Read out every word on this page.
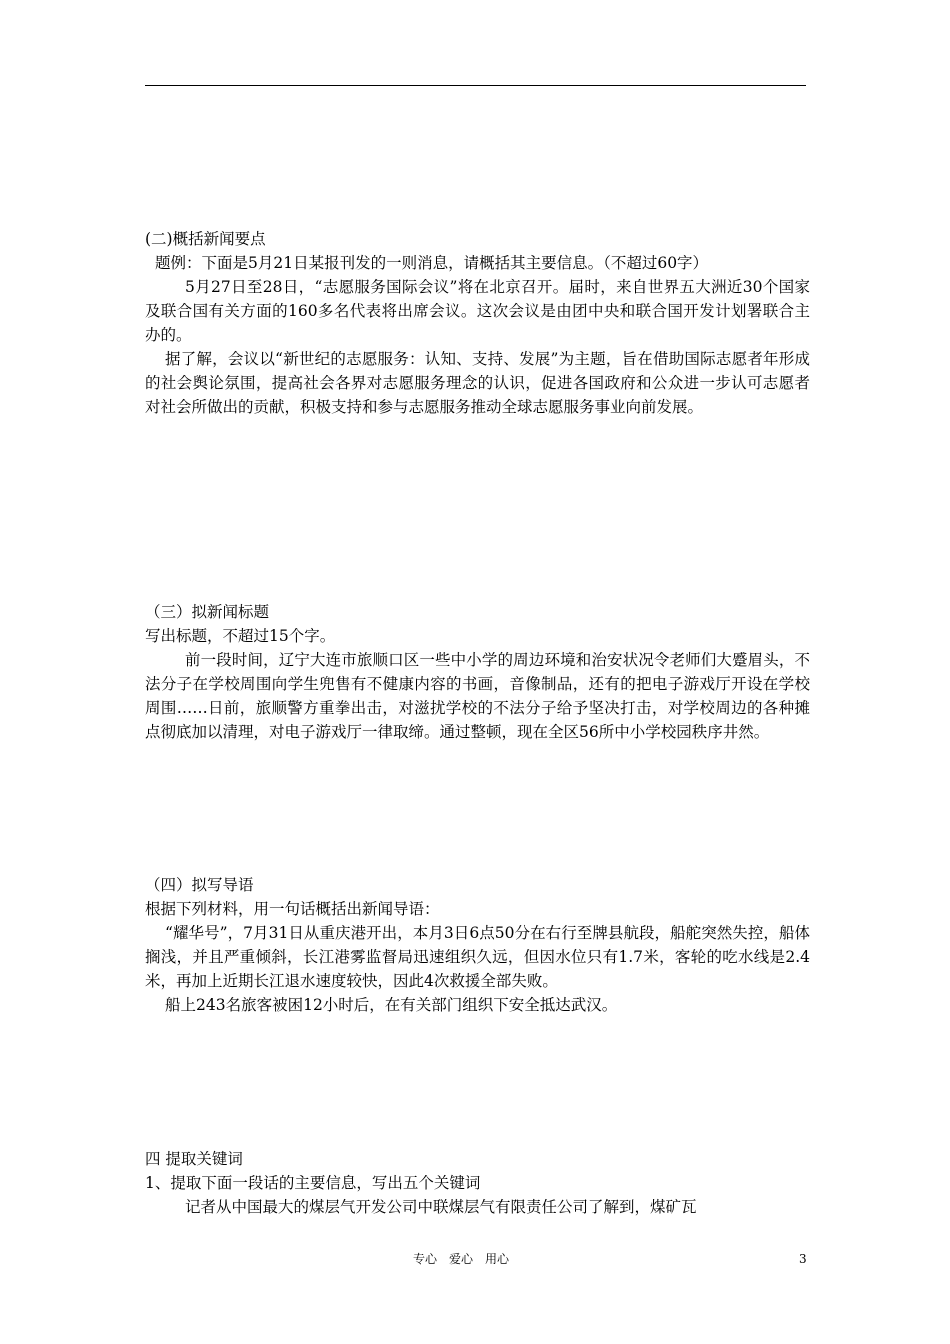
(二)概括新闻要点

题例：下面是5月21日某报刊发的一则消息，请概括其主要信息。（不超过60字）

5月27日至28日，“志愿服务国际会议”将在北京召开。届时，来自世界五大洲近30个国家及联合国有关方面的160多名代表将出席会议。这次会议是由团中央和联合国开发计划署联合主办的。

据了解，会议以“新世纪的志愿服务：认知、支持、发展”为主题，旨在借助国际志愿者年形成的社会舆论氛围，提高社会各界对志愿服务理念的认识，促进各国政府和公众进一步认可志愿者对社会所做出的贡献，积极支持和参与志愿服务推动全球志愿服务事业向前发展。

（三）拟新闻标题

写出标题，不超过15个字。

前一段时间，辽宁大连市旅顺口区一些中小学的周边环境和治安状况令老师们大蹙眉头，不法分子在学校周围向学生兜售有不健康内容的书画，音像制品，还有的把电子游戏厅开设在学校周围……日前，旅顺警方重拳出击，对滋扰学校的不法分子给予坚决打击，对学校周边的各种摊点彻底加以清理，对电子游戏厅一律取缔。通过整顿，现在全区56所中小学校园秩序井然。

（四）拟写导语

根据下列材料，用一句话概括出新闻导语：

“耀华号”，7月31日从重庆港开出，本月3日6点50分在右行至牌县航段，船舵突然失控，船体搁浅，并且严重倾斜，长江港雾监督局迅速组织久远，但因水位只有1.7米，客轮的吃水线是2.4米，再加上近期长江退水速度较快，因此4次救援全部失败。

船上243名旅客被困12小时后，在有关部门组织下安全抵达武汉。

四 提取关键词

1、提取下面一段话的主要信息，写出五个关键词

记者从中国最大的煤层气开发公司中联煤层气有限责任公司了解到，煤矿瓦

专心　爱心　用心	3
